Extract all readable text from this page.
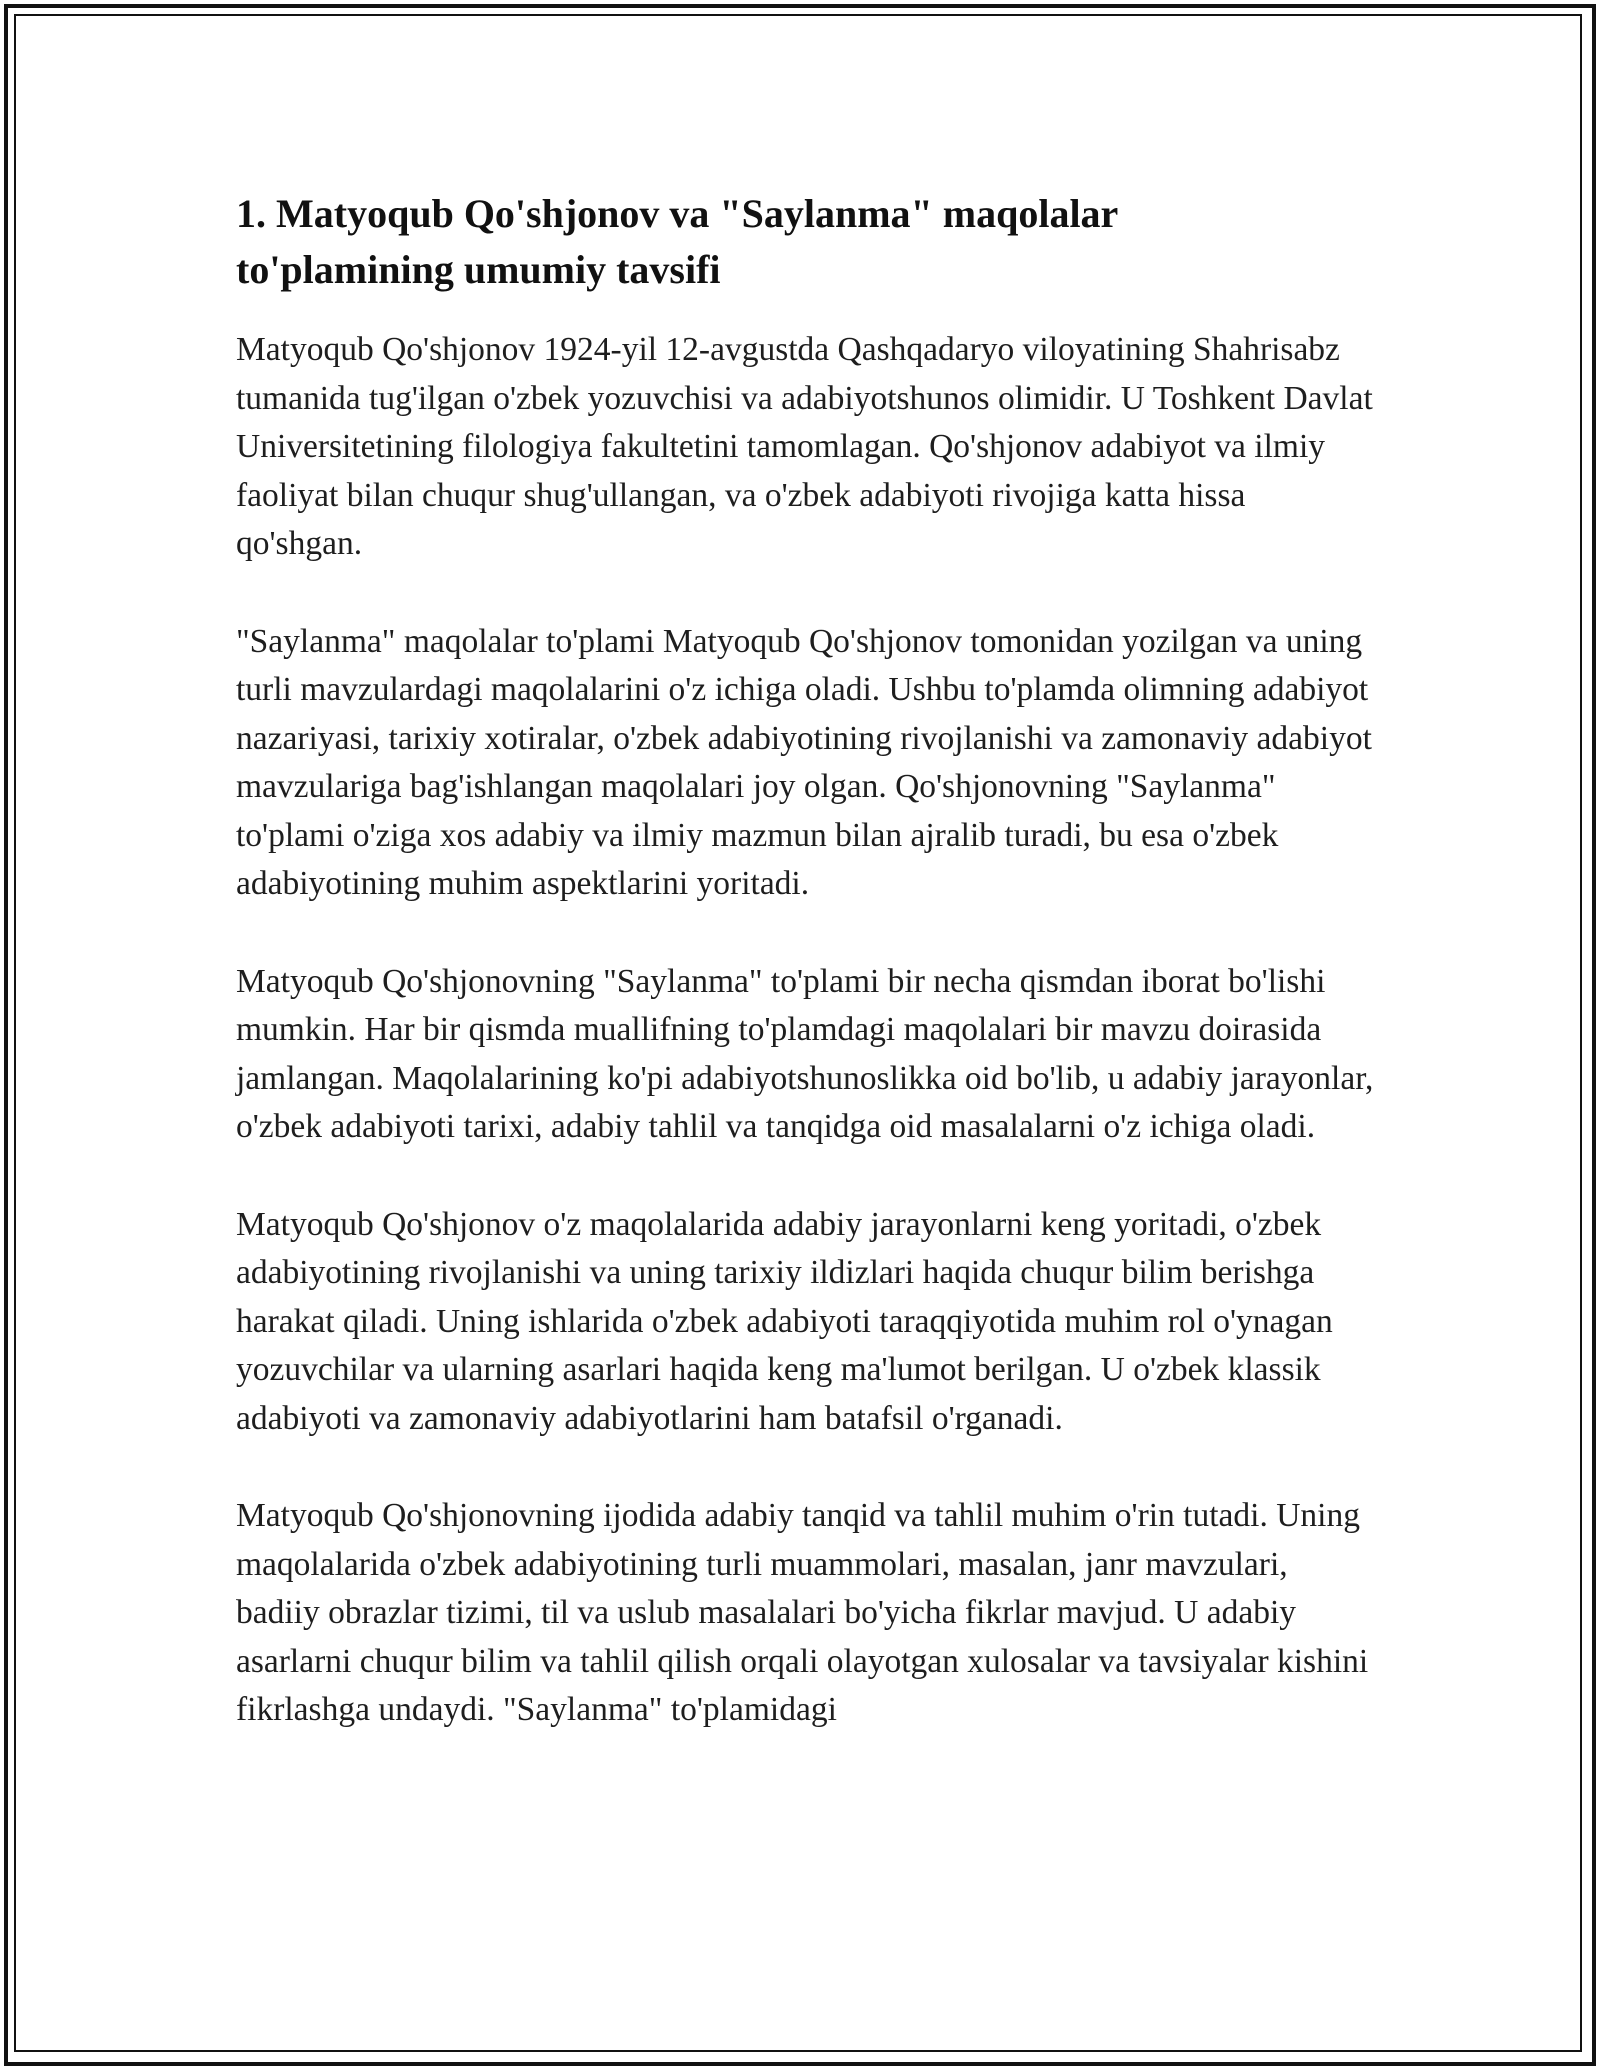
1. Matyoqub Qo'shjonov va "Saylanma" maqolalar
to'plamining umumiy tavsifi

Matyoqub Qo'shjonov 1924-yil 12-avgustda Qashqadaryo viloyatining Shahrisabz tumanida tug'ilgan o'zbek yozuvchisi va adabiyotshunos olimidir. U Toshkent Davlat Universitetining filologiya fakultetini tamomlagan. Qo'shjonov adabiyot va ilmiy faoliyat bilan chuqur shug'ullangan, va o'zbek adabiyoti rivojiga katta hissa qo'shgan.

"Saylanma" maqolalar to'plami Matyoqub Qo'shjonov tomonidan yozilgan va uning turli mavzulardagi maqolalarini o'z ichiga oladi. Ushbu to'plamda olimning adabiyot nazariyasi, tarixiy xotiralar, o'zbek adabiyotining rivojlanishi va zamonaviy adabiyot mavzulariga bag'ishlangan maqolalari joy olgan. Qo'shjonovning "Saylanma" to'plami o'ziga xos adabiy va ilmiy mazmun bilan ajralib turadi, bu esa o'zbek adabiyotining muhim aspektlarini yoritadi.

Matyoqub Qo'shjonovning "Saylanma" to'plami bir necha qismdan iborat bo'lishi mumkin. Har bir qismda muallifning to'plamdagi maqolalari bir mavzu doirasida jamlangan. Maqolalarining ko'pi adabiyotshunoslikka oid bo'lib, u adabiy jarayonlar, o'zbek adabiyoti tarixi, adabiy tahlil va tanqidga oid masalalarni o'z ichiga oladi.

Matyoqub Qo'shjonov o'z maqolalarida adabiy jarayonlarni keng yoritadi, o'zbek adabiyotining rivojlanishi va uning tarixiy ildizlari haqida chuqur bilim berishga harakat qiladi. Uning ishlarida o'zbek adabiyoti taraqqiyotida muhim rol o'ynagan yozuvchilar va ularning asarlari haqida keng ma'lumot berilgan. U o'zbek klassik adabiyoti va zamonaviy adabiyotlarini ham batafsil o'rganadi.

Matyoqub Qo'shjonovning ijodida adabiy tanqid va tahlil muhim o'rin tutadi. Uning maqolalarida o'zbek adabiyotining turli muammolari, masalan, janr mavzulari, badiiy obrazlar tizimi, til va uslub masalalari bo'yicha fikrlar mavjud. U adabiy asarlarni chuqur bilim va tahlil qilish orqali olayotgan xulosalar va tavsiyalar kishini fikrlashga undaydi. "Saylanma" to'plamidagi
